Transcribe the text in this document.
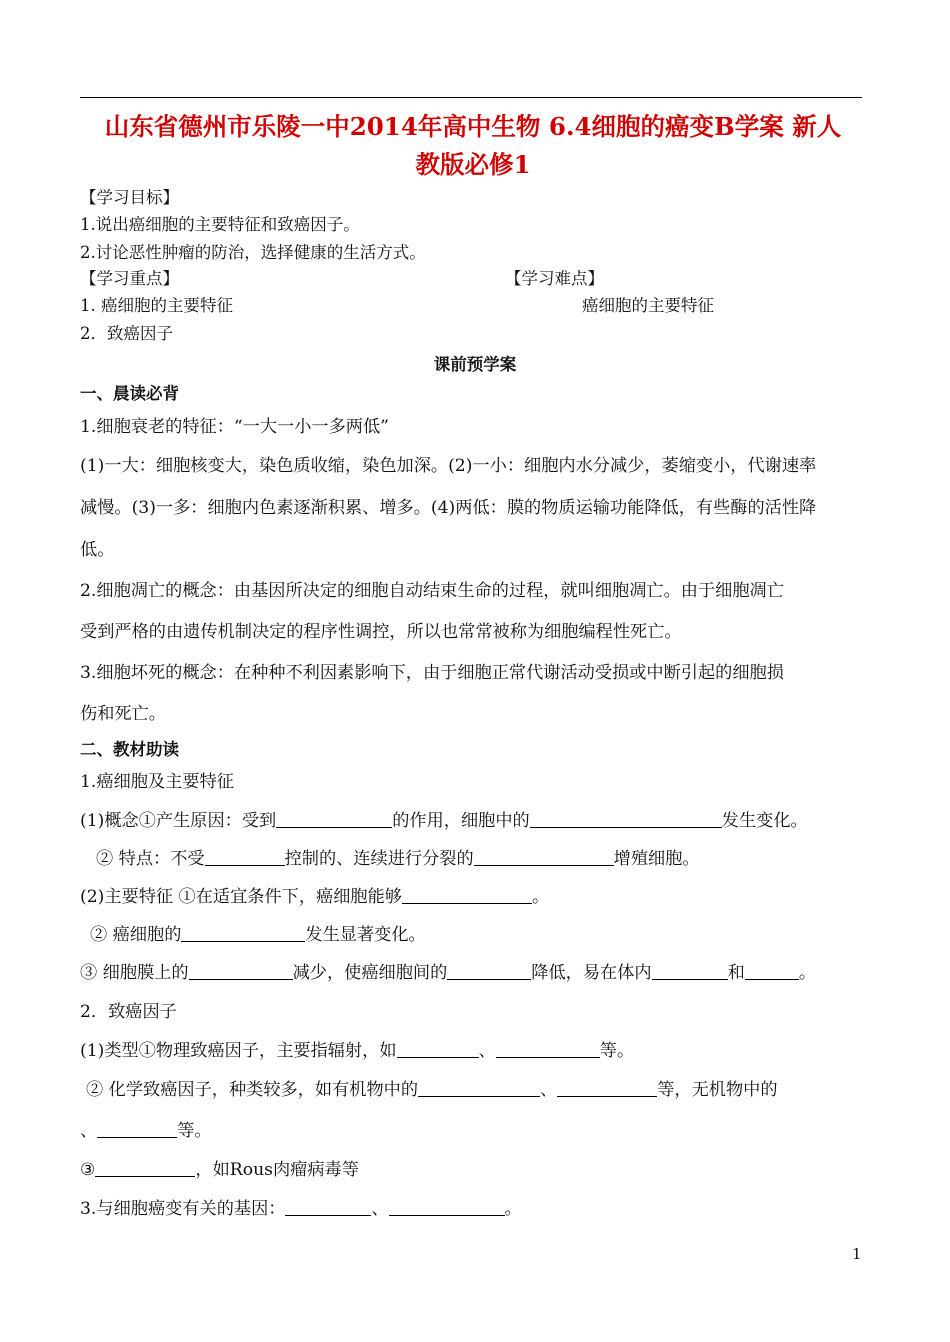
山东省德州市乐陵一中2014年高中生物 6.4细胞的癌变B学案 新人
教版必修1
【学习目标】
1.说出癌细胞的主要特征和致癌因子。
2.讨论恶性肿瘤的防治，选择健康的生活方式。
【学习重点】	【学习难点】
1. 癌细胞的主要特征	癌细胞的主要特征
2．致癌因子
课前预学案
一、晨读必背
1.细胞衰老的特征：“一大一小一多两低”
(1)一大：细胞核变大，染色质收缩，染色加深。(2)一小：细胞内水分减少，萎缩变小，代谢速率
减慢。(3)一多：细胞内色素逐渐积累、增多。(4)两低：膜的物质运输功能降低，有些酶的活性降
低。
2.细胞凋亡的概念：由基因所决定的细胞自动结束生命的过程，就叫细胞凋亡。由于细胞凋亡
受到严格的由遗传机制决定的程序性调控，所以也常常被称为细胞编程性死亡。
3.细胞坏死的概念：在种种不利因素影响下，由于细胞正常代谢活动受损或中断引起的细胞损
伤和死亡。
二、教材助读
1.癌细胞及主要特征
(1)概念①产生原因：受到	的作用，细胞中的	发生变化。
② 特点：不受	控制的、连续进行分裂的	增殖细胞。
(2)主要特征 ①在适宜条件下，癌细胞能够	。
② 癌细胞的	发生显著变化。
③ 细胞膜上的	减少，使癌细胞间的	降低，易在体内	和	。
2．致癌因子
(1)类型①物理致癌因子，主要指辐射，如	、	等。
② 化学致癌因子，种类较多，如有机物中的	、	等，无机物中的
、	等。
③	，如Rous肉瘤病毒等
3.与细胞癌变有关的基因：	、	。
1
